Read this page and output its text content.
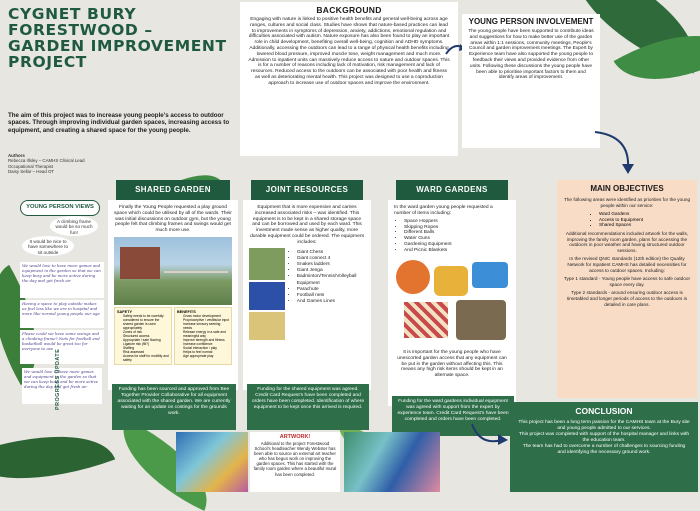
CYGNET BURY FORESTWOOD – GARDEN IMPROVEMENT PROJECT
The aim of this project was to increase young people’s access to outdoor spaces. Through improving individual garden spaces, increasing access to equipment, and creating a shared space for the young people.
Authors
Rebecca Illsley – CAMHS Clinical Lead
Occupational Therapist
Daisy Sellar – Head OT
BACKGROUND

Engaging with nature is linked to positive health benefits and general well-being across age ranges, cultures and social class. Studies have shown that nature-based practices can lead to improvements in symptoms of depression, anxiety, addictions, emotional regulation and difficulties associated with autism. Nature exposure has also been found to play an important role in child development, benefiting overall well-being, cognition and ADHD symptoms. Additionally, accessing the outdoors can lead to a range of physical health benefits including lowered blood pressure, improved muscle tone, weight management and much more. Admission to inpatient units can massively reduce access to nature and outdoor spaces. This is for a number of reasons including lack of motivation, risk management and lack of resources. Reduced access to the outdoors can be associated with poor health and fitness as well as deteriorating mental health. This project was designed to use a coproduction approach to increase use of outdoor spaces and improve the environment.

YOUNG PERSON INVOLVEMENT

The young people have been supported to contribute ideas and suggestions for how to make better use of the garden areas within 1:1 sessions, community meetings, People’s Council and garden improvement meetings. The Expert by Experience team have also supported the young people to feedback their views and provided evidence from other units. Following these discussions the young people have been able to prioritise important factors to them and identify areas of improvement.

SHARED GARDEN

Finally the Young People requested a play ground space which could be utilised by all of the wards. Their was initial discussions on outdoor gym, but the young people felt that climbing frames and swings would get much more use.

SAFETY
• Safety needs to be carefully considered to ensure the shared garden is used appropriately
• Zones of risk
• Structured access
• Appropriate / safe flooring
• Ligature risk (fill?)
• Staffing
• Risk assessed
• Access for staff for mobility and safety
BENEFITS
• Gross motor development
• Proprioceptive / vestibular input
• Increase sensory seeking needs
• Release energy in a safe and meaningful way
• Improve strength and fitness
• Increase confidence
• Social interaction / play
• Helps to feel normal
• Age appropriate play
Funding has been sourced and approved from Bee Together Provider Collaborative for all equipment associated with the shared garden. We are currently waiting for an update on costings for the grounds work.
JOINT RESOURCES

Equipment that is more expensive and carries increased associated risks – was identified. This equipment is to be kept in a shared storage space and can be borrowed and used by each ward. This investment made sense as higher quality, more durable equipment could be ordered. The equipment includes:

• Giant Chess
• Giant connect 4
• Snakes ladders
• Giant Jenga
• Badminton/Tennis/Volleyball Equipment
• Parachute
• Football nets
• And Games Lines
Funding for the shared equipment was agreed. Credit Card Request’s have been completed and orders have been completed. Identification of where equipment to be kept once this arrived is required.
WARD GARDENS

In the ward garden young people requested a number of items including:

• Space Hoppers
• Skipping Ropes
• Different Balls
• Water Guns
• Gardening Equipment
• And Picnic Blankets

It is important for the young people who have unescorted garden access that any equipment can be put in the garden without affecting this. This means any high risk items should be kept in an alternate space.

Funding for the ward gardens individual equipment was agreed with support from the expert by experience team. Credit Card Request’s have been completed and orders have been completed.
MAIN OBJECTIVES

The following areas were identified as priorities for the young people within our service:

• Ward Gardens
• Access to Equipment
• Shared Spaces

Additional recommendations included artwork for the walls, improving the family room garden, plans for accessing the outdoors in poor weather and having structured outdoor sessions.

In the revised QNIC standards (12th edition) the Quality Network for Inpatient CAMHS has detailed necessities for access to outdoor spaces. Including:

Type 1 standard - Young people have access to safe outdoor space every day.

Type 2 standards - around ensuring outdoor access is timetabled and longer periods of access to the outdoors is detailed in care plans.

CONCLUSION

This project has been a long term passion for the CAMHS team at the Bury site and young people admitted to our services.

This project was completed with support of the hospital manager and links with the education team.

The team has had to overcome a number of challenges to sourcing funding and identifying the necessary ground work.

ARTWORK!

Additional to the project Forestwood School’s headteacher Wendy Webster has been able to source an external art teacher who has begun work on improving the garden spaces. This has started with the family room garden where a beautiful mural has been completed.

YOUNG PERSON VIEWS
A climbing frame would be so much fun!
It would be nice to have somewhere to sit outside
We would love to have more games and equipment in the garden so that we can keep busy and be more active during the day and get fresh air
Having a space to play outside makes us feel less like we are in hospital and more like normal young people our age
Please could we have some swings and a climbing frame? Nets for football and basketball would be great too for everyone to use
We would love to have more games and equipment in the garden so that we can keep busy and be more active during the day and get fresh air
PROGRESS UPDATE
